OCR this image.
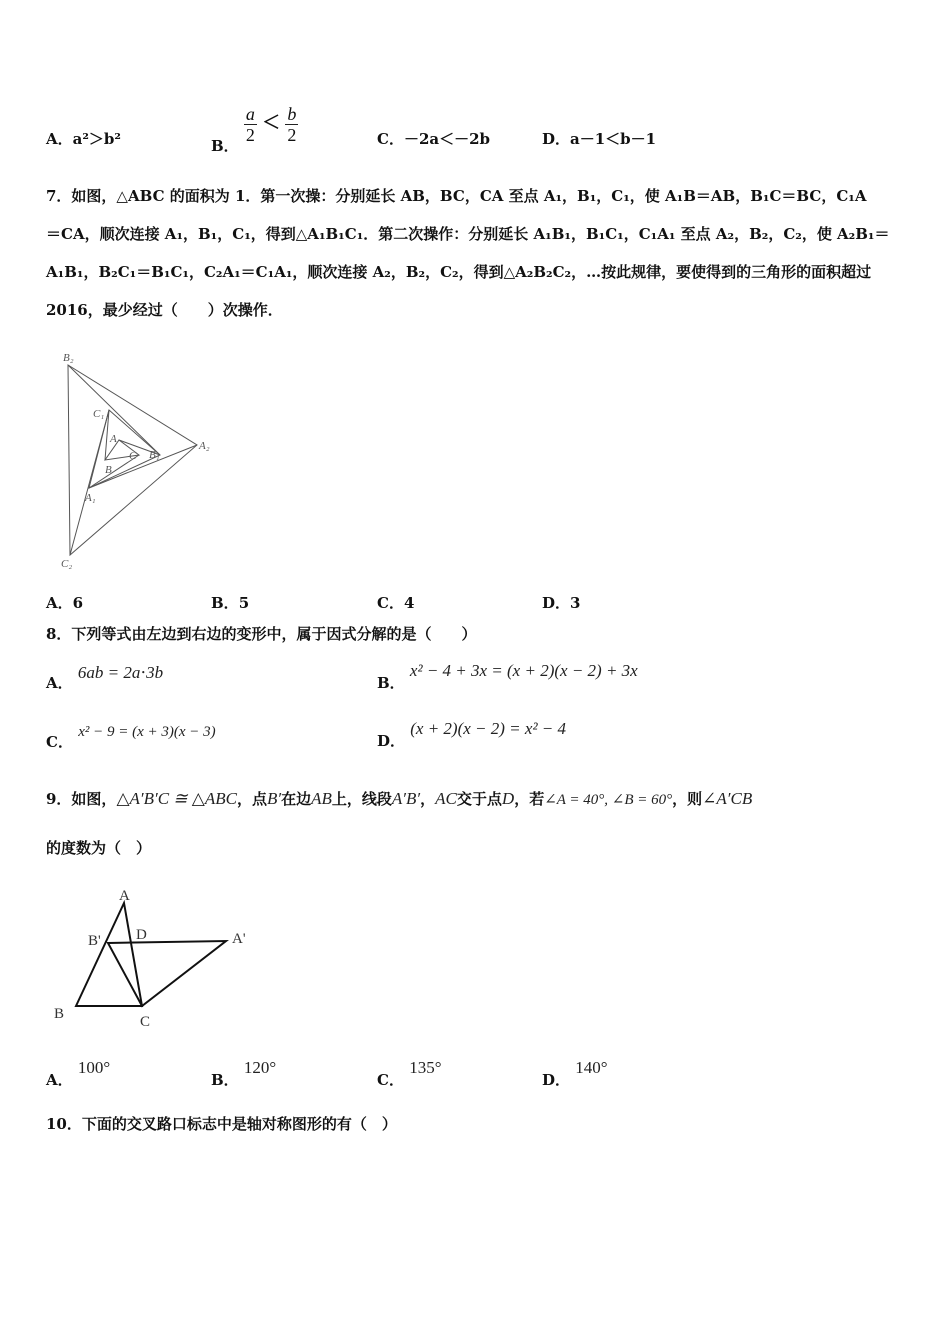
A．a²＞b²	B．
$\frac{a}{2} < \frac{b}{2}$	C．－2a＜－2b	D．a－1＜b－1
7．如图，△ABC 的面积为 1．第一次操：分别延长 AB，BC，CA 至点 A₁，B₁，C₁，使 A₁B＝AB，B₁C＝BC，C₁A
＝CA，顺次连接 A₁，B₁，C₁，得到△A₁B₁C₁．第二次操作：分别延长 A₁B₁，B₁C₁，C₁A₁ 至点 A₂，B₂，C₂，使 A₂B₁＝
A₁B₁，B₂C₁＝B₁C₁，C₂A₁＝C₁A₁，顺次连接 A₂，B₂，C₂，得到△A₂B₂C₂，…按此规律，要使得到的三角形的面积超过
2016，最少经过（　　）次操作．
B₂
C₁
A
C B₁
A₂
B
A₁
C₂
A．6	B．5	C．4	D．3
8．下列等式由左边到右边的变形中，属于因式分解的是（　　）
A． 6ab = 2a⋅3b
B． x² − 4 + 3x = (x + 2)(x − 2) + 3x
C． x² − 9 = (x + 3)(x − 3)	D． (x + 2)(x − 2) = x² − 4
9．如图，△A′B′C ≅ △ABC，点B′在边AB上，线段A′B′，AC交于点D，若∠A = 40°, ∠B = 60°，则∠A′CB
的度数为（　）
A
B' D	A'
B	C
A． 100°
B． 120°
C． 135°
D． 140°
10．下面的交叉路口标志中是轴对称图形的有（　）
